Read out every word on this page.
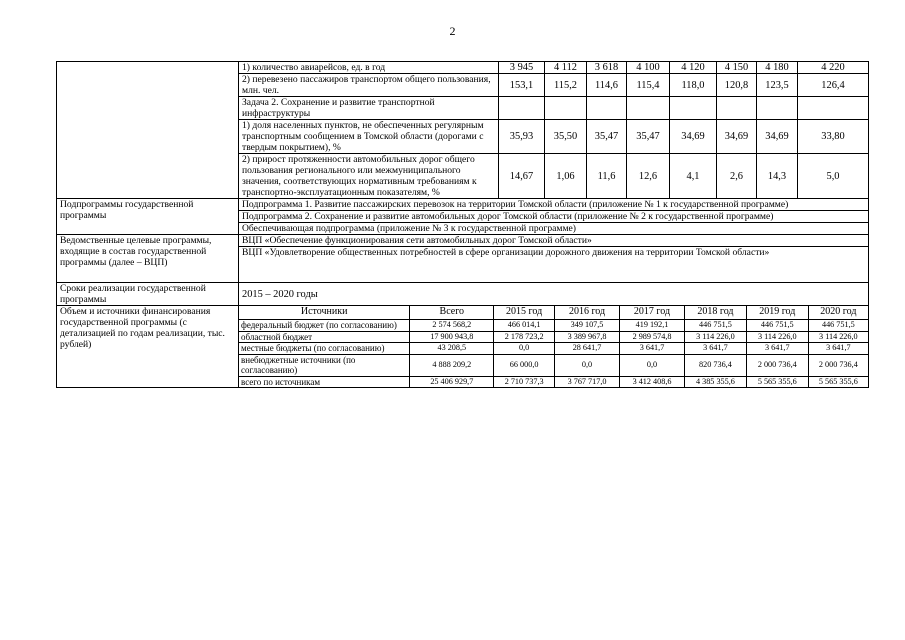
2
	1) количество авиарейсов, ед. в год	3 945	4 112	3 618	4 100	4 120	4 150	4 180	4 220
2) перевезено пассажиров транспортом общего пользования, млн. чел.	153,1	115,2	114,6	115,4	118,0	120,8	123,5	126,4
Задача 2. Сохранение и развитие транспортной инфраструктуры								
1) доля населенных пунктов, не обеспеченных регулярным транспортным сообщением в Томской области (дорогами с твердым покрытием), %	35,93	35,50	35,47	35,47	34,69	34,69	34,69	33,80
2) прирост протяженности автомобильных дорог общего пользования регионального или межмуниципального значения, соответствующих нормативным требованиям к транспортно-эксплуатационным показателям, %	14,67	1,06	11,6	12,6	4,1	2,6	14,3	5,0
Подпрограммы государственной программы	Подпрограмма 1. Развитие пассажирских перевозок на территории Томской области (приложение № 1 к государственной программе)
Подпрограмма 2. Сохранение и развитие автомобильных дорог Томской области (приложение № 2 к государственной программе)
Обеспечивающая подпрограмма (приложение № 3 к государственной программе)
Ведомственные целевые программы, входящие в состав государственной программы (далее – ВЦП)	ВЦП «Обеспечение функционирования сети автомобильных дорог Томской области»
ВЦП «Удовлетворение общественных потребностей в сфере организации дорожного движения на территории Томской области»
Сроки реализации государственной программы	2015 – 2020 годы
Объем и источники финансирования государственной программы (с детализацией по годам реализации, тыс. рублей)	
Источники	Всего	2015 год	2016 год	2017 год	2018 год	2019 год	2020 год
федеральный бюджет (по согласованию)	2 574 568,2	466 014,1	349 107,5	419 192,1	446 751,5	446 751,5	446 751,5
областной бюджет	17 900 943,8	2 178 723,2	3 389 967,8	2 989 574,8	3 114 226,0	3 114 226,0	3 114 226,0
местные бюджеты (по согласованию)	43 208,5	0,0	28 641,7	3 641,7	3 641,7	3 641,7	3 641,7
внебюджетные источники (по согласованию)	4 888 209,2	66 000,0	0,0	0,0	820 736,4	2 000 736,4	2 000 736,4
всего по источникам	25 406 929,7	2 710 737,3	3 767 717,0	3 412 408,6	4 385 355,6	5 565 355,6	5 565 355,6
